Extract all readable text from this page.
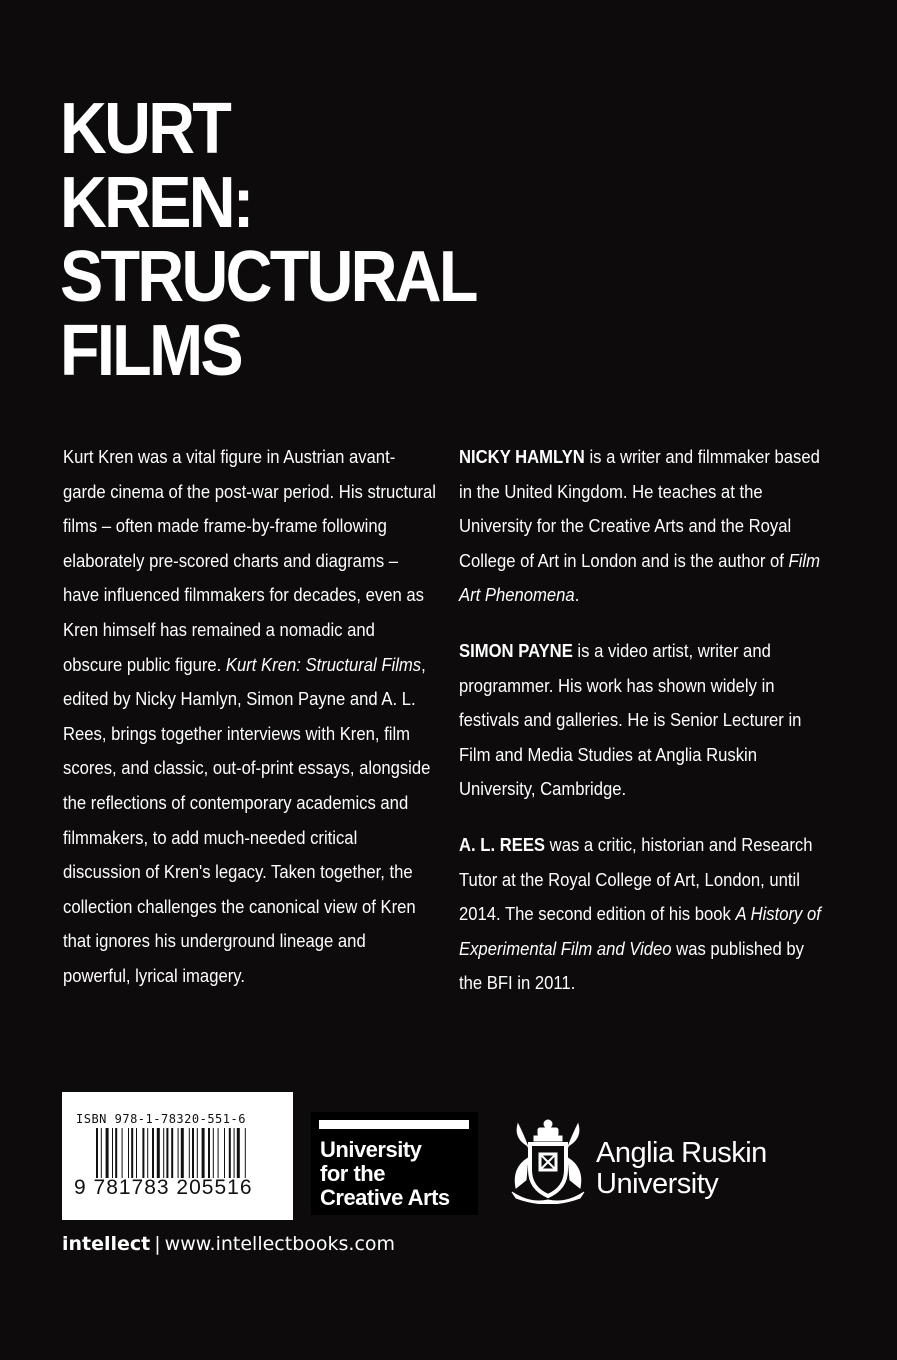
KURT
KREN:
STRUCTURAL
FILMS

Kurt Kren was a vital figure in Austrian avant-garde cinema of the post-war period. His structural films – often made frame-by-frame following elaborately pre-scored charts and diagrams – have influenced filmmakers for decades, even as Kren himself has remained a nomadic and obscure public figure. Kurt Kren: Structural Films, edited by Nicky Hamlyn, Simon Payne and A. L. Rees, brings together interviews with Kren, film scores, and classic, out-of-print essays, alongside the reflections of contemporary academics and filmmakers, to add much-needed critical discussion of Kren's legacy. Taken together, the collection challenges the canonical view of Kren that ignores his underground lineage and powerful, lyrical imagery.

NICKY HAMLYN is a writer and filmmaker based in the United Kingdom. He teaches at the University for the Creative Arts and the Royal College of Art in London and is the author of Film Art Phenomena.

SIMON PAYNE is a video artist, writer and programmer. His work has shown widely in festivals and galleries. He is Senior Lecturer in Film and Media Studies at Anglia Ruskin University, Cambridge.

A. L. REES was a critic, historian and Research Tutor at the Royal College of Art, London, until 2014. The second edition of his book A History of Experimental Film and Video was published by the BFI in 2011.

ISBN 978-1-78320-551-6

9 781783 205516

University
for the
Creative Arts
Anglia Ruskin
University
intellect | www.intellectbooks.com
